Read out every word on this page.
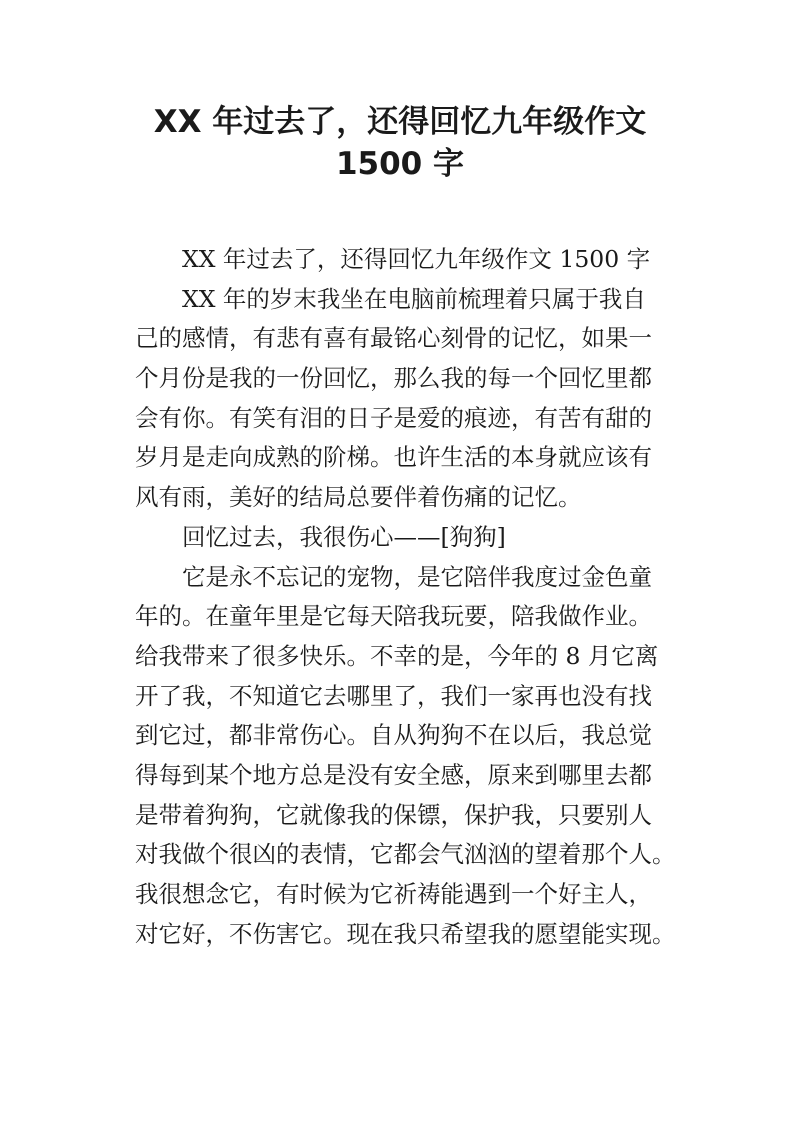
XX 年过去了，还得回忆九年级作文
1500 字
XX 年过去了，还得回忆九年级作文 1500 字
XX 年的岁末我坐在电脑前梳理着只属于我自
己的感情，有悲有喜有最铭心刻骨的记忆，如果一
个月份是我的一份回忆，那么我的每一个回忆里都
会有你。有笑有泪的日子是爱的痕迹，有苦有甜的
岁月是走向成熟的阶梯。也许生活的本身就应该有
风有雨，美好的结局总要伴着伤痛的记忆。
回忆过去，我很伤心——[狗狗]
它是永不忘记的宠物，是它陪伴我度过金色童
年的。在童年里是它每天陪我玩要，陪我做作业。
给我带来了很多快乐。不幸的是，今年的 8 月它离
开了我，不知道它去哪里了，我们一家再也没有找
到它过，都非常伤心。自从狗狗不在以后，我总觉
得每到某个地方总是没有安全感，原来到哪里去都
是带着狗狗，它就像我的保镖，保护我，只要别人
对我做个很凶的表情，它都会气汹汹的望着那个人。
我很想念它，有时候为它祈祷能遇到一个好主人，
对它好，不伤害它。现在我只希望我的愿望能实现。
